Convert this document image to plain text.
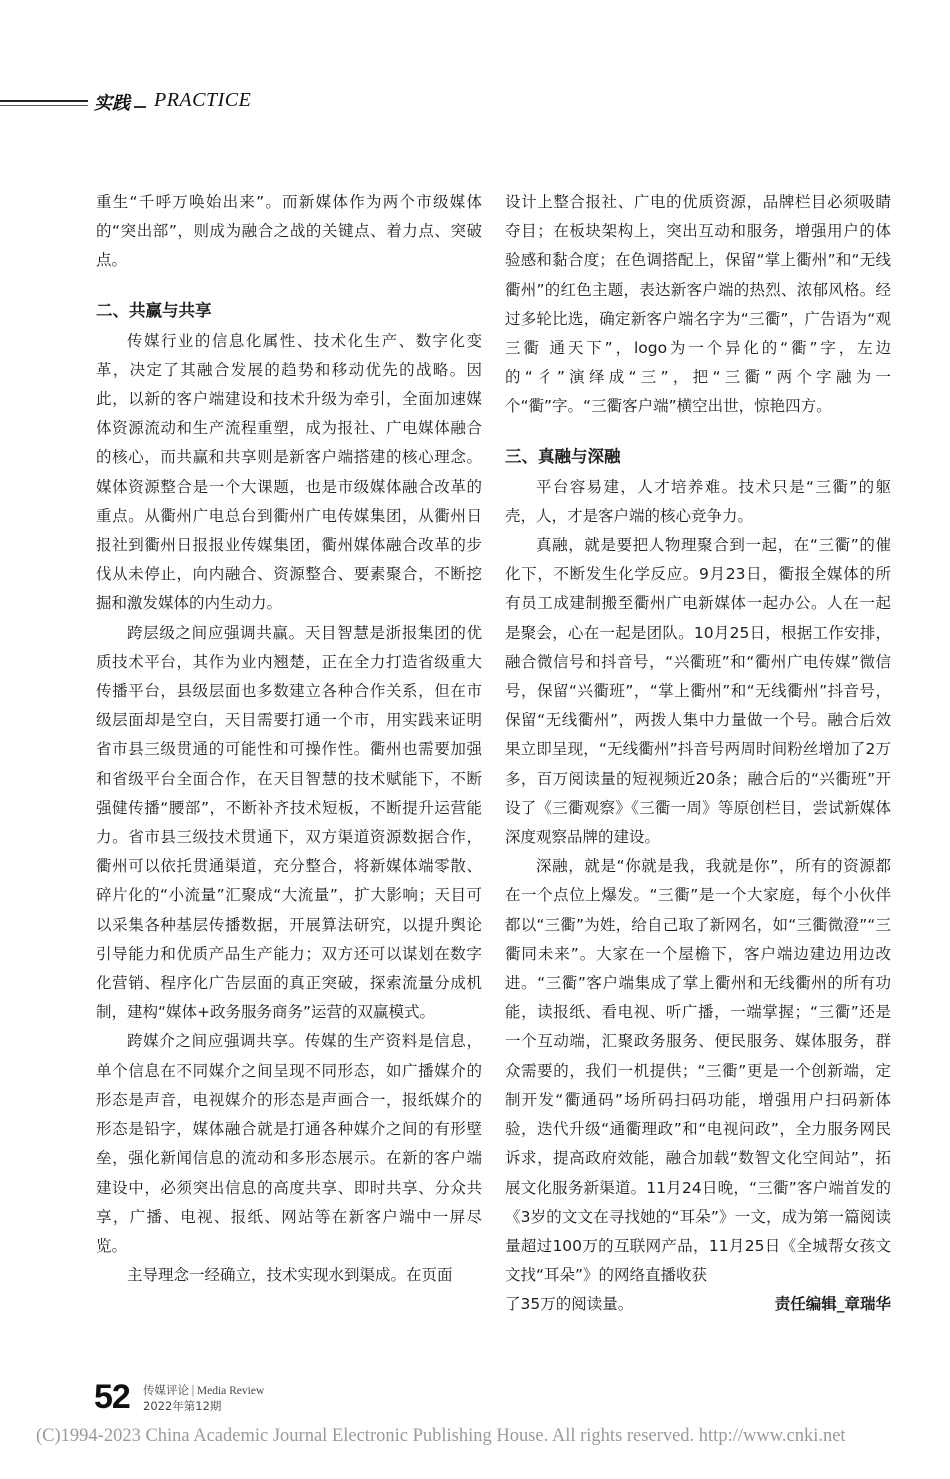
实践 PRACTICE

重生“千呼万唤始出来”。而新媒体作为两个市级媒体的“突出部”，则成为融合之战的关键点、着力点、突破点。

二、共赢与共享

传媒行业的信息化属性、技术化生产、数字化变革，决定了其融合发展的趋势和移动优先的战略。因此，以新的客户端建设和技术升级为牵引，全面加速媒体资源流动和生产流程重塑，成为报社、广电媒体融合的核心，而共赢和共享则是新客户端搭建的核心理念。媒体资源整合是一个大课题，也是市级媒体融合改革的重点。从衢州广电总台到衢州广电传媒集团，从衢州日报社到衢州日报报业传媒集团，衢州媒体融合改革的步伐从未停止，向内融合、资源整合、要素聚合，不断挖掘和激发媒体的内生动力。

跨层级之间应强调共赢。天目智慧是浙报集团的优质技术平台，其作为业内翘楚，正在全力打造省级重大传播平台，县级层面也多数建立各种合作关系，但在市级层面却是空白，天目需要打通一个市，用实践来证明省市县三级贯通的可能性和可操作性。衢州也需要加强和省级平台全面合作，在天目智慧的技术赋能下，不断强健传播“腰部”，不断补齐技术短板，不断提升运营能力。省市县三级技术贯通下，双方渠道资源数据合作，衢州可以依托贯通渠道，充分整合，将新媒体端零散、碎片化的“小流量”汇聚成“大流量”，扩大影响；天目可以采集各种基层传播数据，开展算法研究，以提升舆论引导能力和优质产品生产能力；双方还可以谋划在数字化营销、程序化广告层面的真正突破，探索流量分成机制，建构“媒体+政务服务商务”运营的双赢模式。

跨媒介之间应强调共享。传媒的生产资料是信息，单个信息在不同媒介之间呈现不同形态，如广播媒介的形态是声音，电视媒介的形态是声画合一，报纸媒介的形态是铅字，媒体融合就是打通各种媒介之间的有形壁垒，强化新闻信息的流动和多形态展示。在新的客户端建设中，必须突出信息的高度共享、即时共享、分众共享，广播、电视、报纸、网站等在新客户端中一屏尽览。

主导理念一经确立，技术实现水到渠成。在页面

设计上整合报社、广电的优质资源，品牌栏目必须吸睛夺目；在板块架构上，突出互动和服务，增强用户的体验感和黏合度；在色调搭配上，保留“掌上衢州”和“无线衢州”的红色主题，表达新客户端的热烈、浓郁风格。经过多轮比选，确定新客户端名字为“三衢”，广告语为“观三衢 通天下”，logo为一个异化的“衢”字，左边的“彳”演绎成“三”，把“三衢”两个字融为一个“衢”字。“三衢客户端”横空出世，惊艳四方。

三、真融与深融

平台容易建，人才培养难。技术只是“三衢”的躯壳，人，才是客户端的核心竞争力。

真融，就是要把人物理聚合到一起，在“三衢”的催化下，不断发生化学反应。9月23日，衢报全媒体的所有员工成建制搬至衢州广电新媒体一起办公。人在一起是聚会，心在一起是团队。10月25日，根据工作安排，融合微信号和抖音号，“兴衢班”和“衢州广电传媒”微信号，保留“兴衢班”，“掌上衢州”和“无线衢州”抖音号，保留“无线衢州”，两拨人集中力量做一个号。融合后效果立即呈现，“无线衢州”抖音号两周时间粉丝增加了2万多，百万阅读量的短视频近20条；融合后的“兴衢班”开设了《三衢观察》《三衢一周》等原创栏目，尝试新媒体深度观察品牌的建设。

深融，就是“你就是我，我就是你”，所有的资源都在一个点位上爆发。“三衢”是一个大家庭，每个小伙伴都以“三衢”为姓，给自己取了新网名，如“三衢微澄”“三衢同未来”。大家在一个屋檐下，客户端边建边用边改进。“三衢”客户端集成了掌上衢州和无线衢州的所有功能，读报纸、看电视、听广播，一端掌握；“三衢”还是一个互动端，汇聚政务服务、便民服务、媒体服务，群众需要的，我们一机提供；“三衢”更是一个创新端，定制开发“衢通码”场所码扫码功能，增强用户扫码新体验，迭代升级“通衢理政”和“电视问政”，全力服务网民诉求，提高政府效能，融合加载“数智文化空间站”，拓展文化服务新渠道。11月24日晚，“三衢”客户端首发的《3岁的文文在寻找她的“耳朵”》一文，成为第一篇阅读量超过100万的互联网产品，11月25日《全城帮女孩文文找“耳朵”》的网络直播收获

了35万的阅读量。	责任编辑_章瑞华

52 传媒评论 | Media Review
2022年第12期
(C)1994-2023 China Academic Journal Electronic Publishing House. All rights reserved. http://www.cnki.net
